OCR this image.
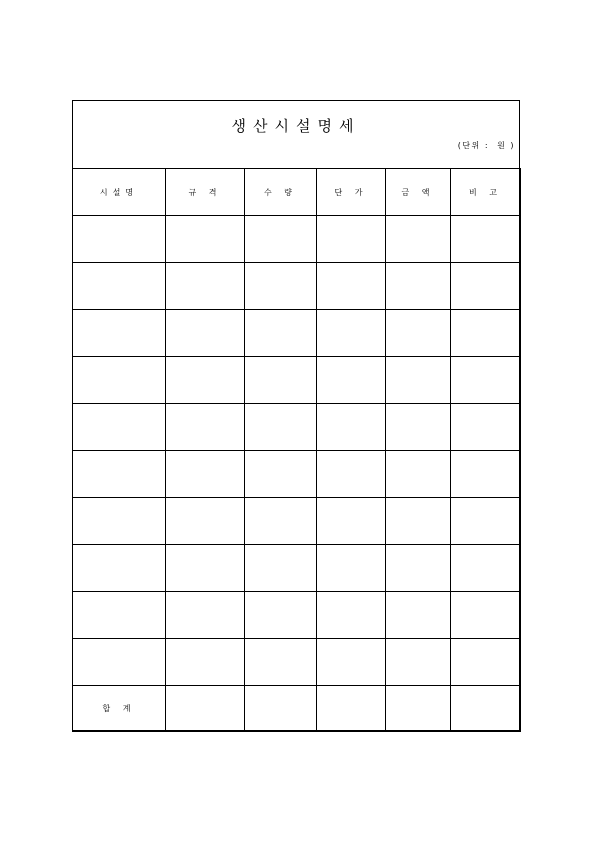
생산시설명세
(단위 :  원 )
시설명	규 격	수 량	단 가	금 액	비 고

합 계					
